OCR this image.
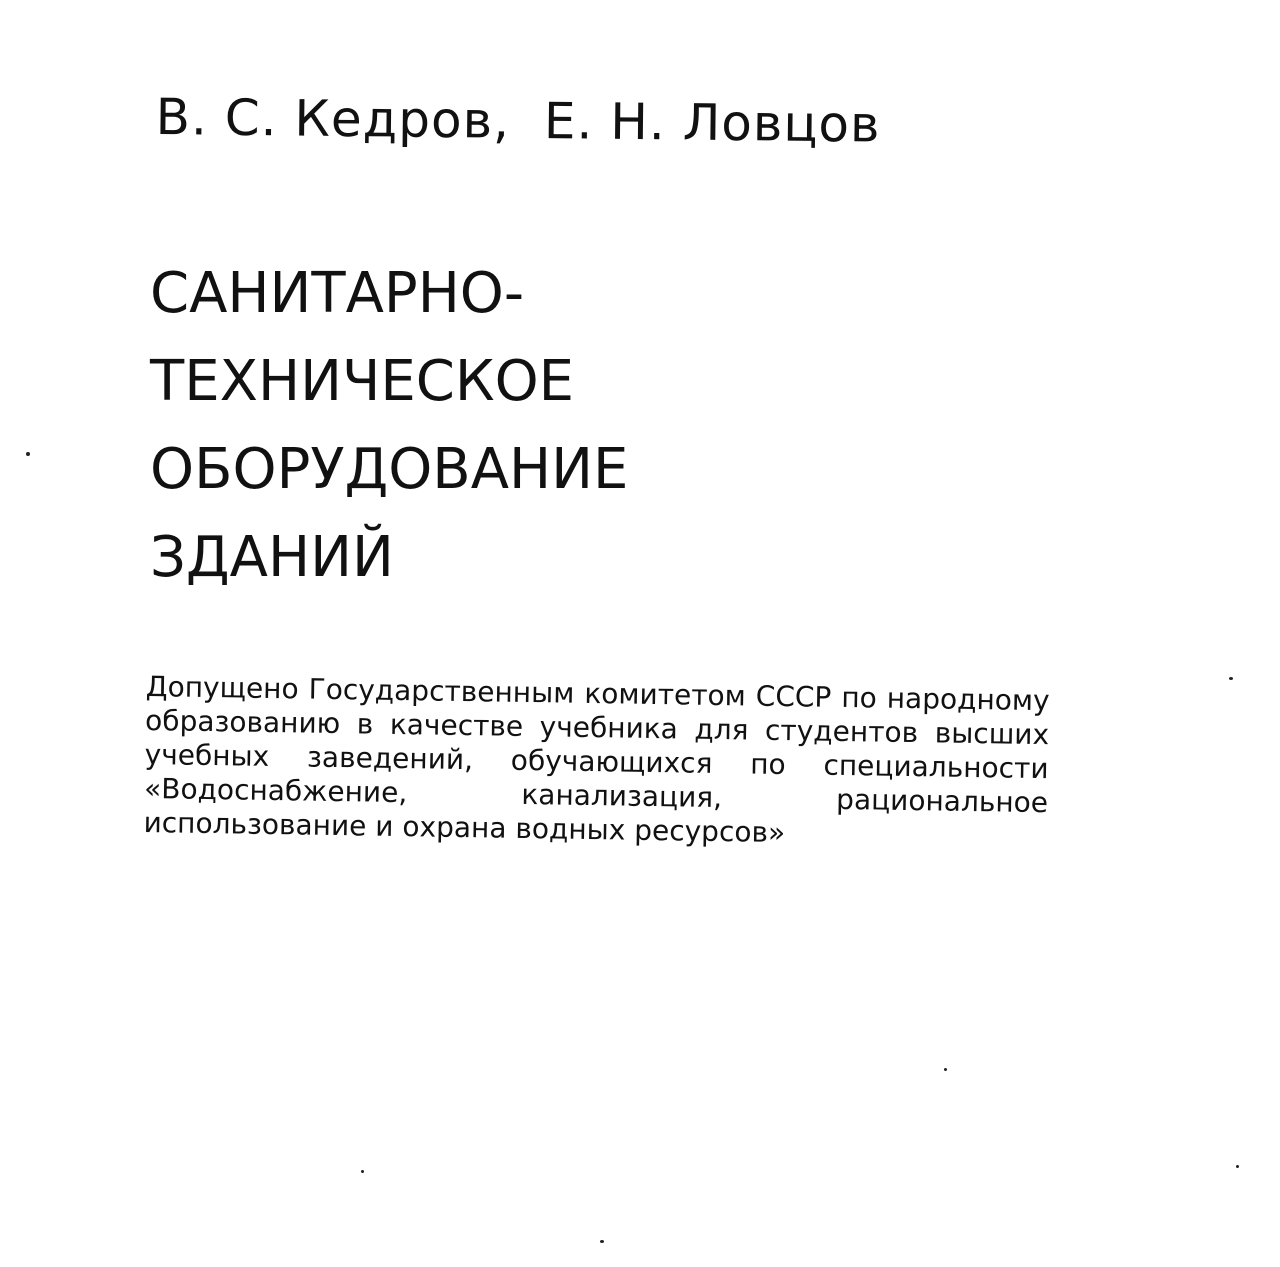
В. С. Кедров, Е. Н. Ловцов
САНИТАРНО-
ТЕХНИЧЕСКОЕ
ОБОРУДОВАНИЕ
ЗДАНИЙ
Допущено Государственным комитетом СССР по народному образованию в качестве учебника для студентов высших учебных заведений, обучающихся по специальности «Водоснабжение, канализация, рациональное использование и охрана водных ресурсов»
